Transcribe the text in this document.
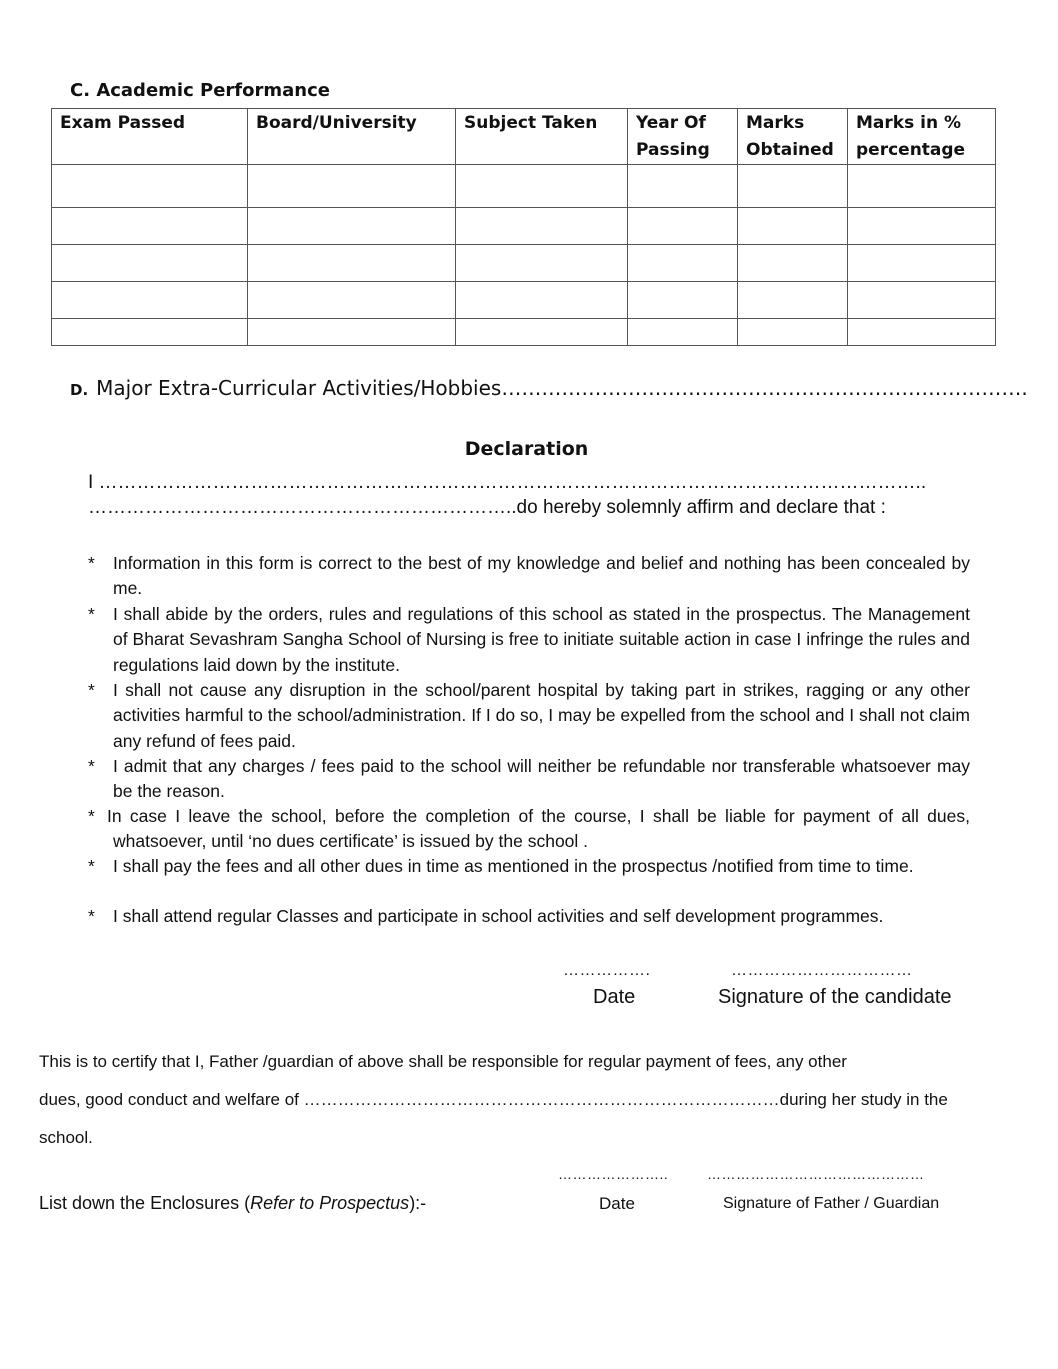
C. Academic Performance
Exam Passed	Board/University	Subject Taken	Year Of Passing	Marks Obtained	Marks in % percentage

D. Major Extra-Curricular Activities/Hobbies…………………………………………………………………….
Declaration
I …………………………………………………………………………………………………………………..
…………………………………………………………..do hereby solemnly affirm and declare that :
* Information in this form is correct to the best of my knowledge and belief and nothing has been concealed by me.
* I shall abide by the orders, rules and regulations of this school as stated in the prospectus. The Management of Bharat Sevashram Sangha School of Nursing is free to initiate suitable action in case I infringe the rules and regulations laid down by the institute.
* I shall not cause any disruption in the school/parent hospital by taking part in strikes, ragging or any other activities harmful to the school/administration. If I do so, I may be expelled from the school and I shall not claim any refund of fees paid.
* I admit that any charges / fees paid to the school will neither be refundable nor transferable whatsoever may be the reason.
* In case I leave the school, before the completion of the course, I shall be liable for payment of all dues, whatsoever, until ‘no dues certificate’ is issued by the school .
* I shall pay the fees and all other dues in time as mentioned in the prospectus /notified from time to time.
* I shall attend regular Classes and participate in school activities and self development programmes.
…………….	……………………………
Date	Signature of the candidate
This is to certify that I, Father /guardian of above shall be responsible for regular payment of fees, any other
dues, good conduct and welfare of …………………………………………………………………………during her study in the
school.
…………………..	………………………………………
List down the Enclosures (Refer to Prospectus):-	Date	Signature of Father / Guardian
